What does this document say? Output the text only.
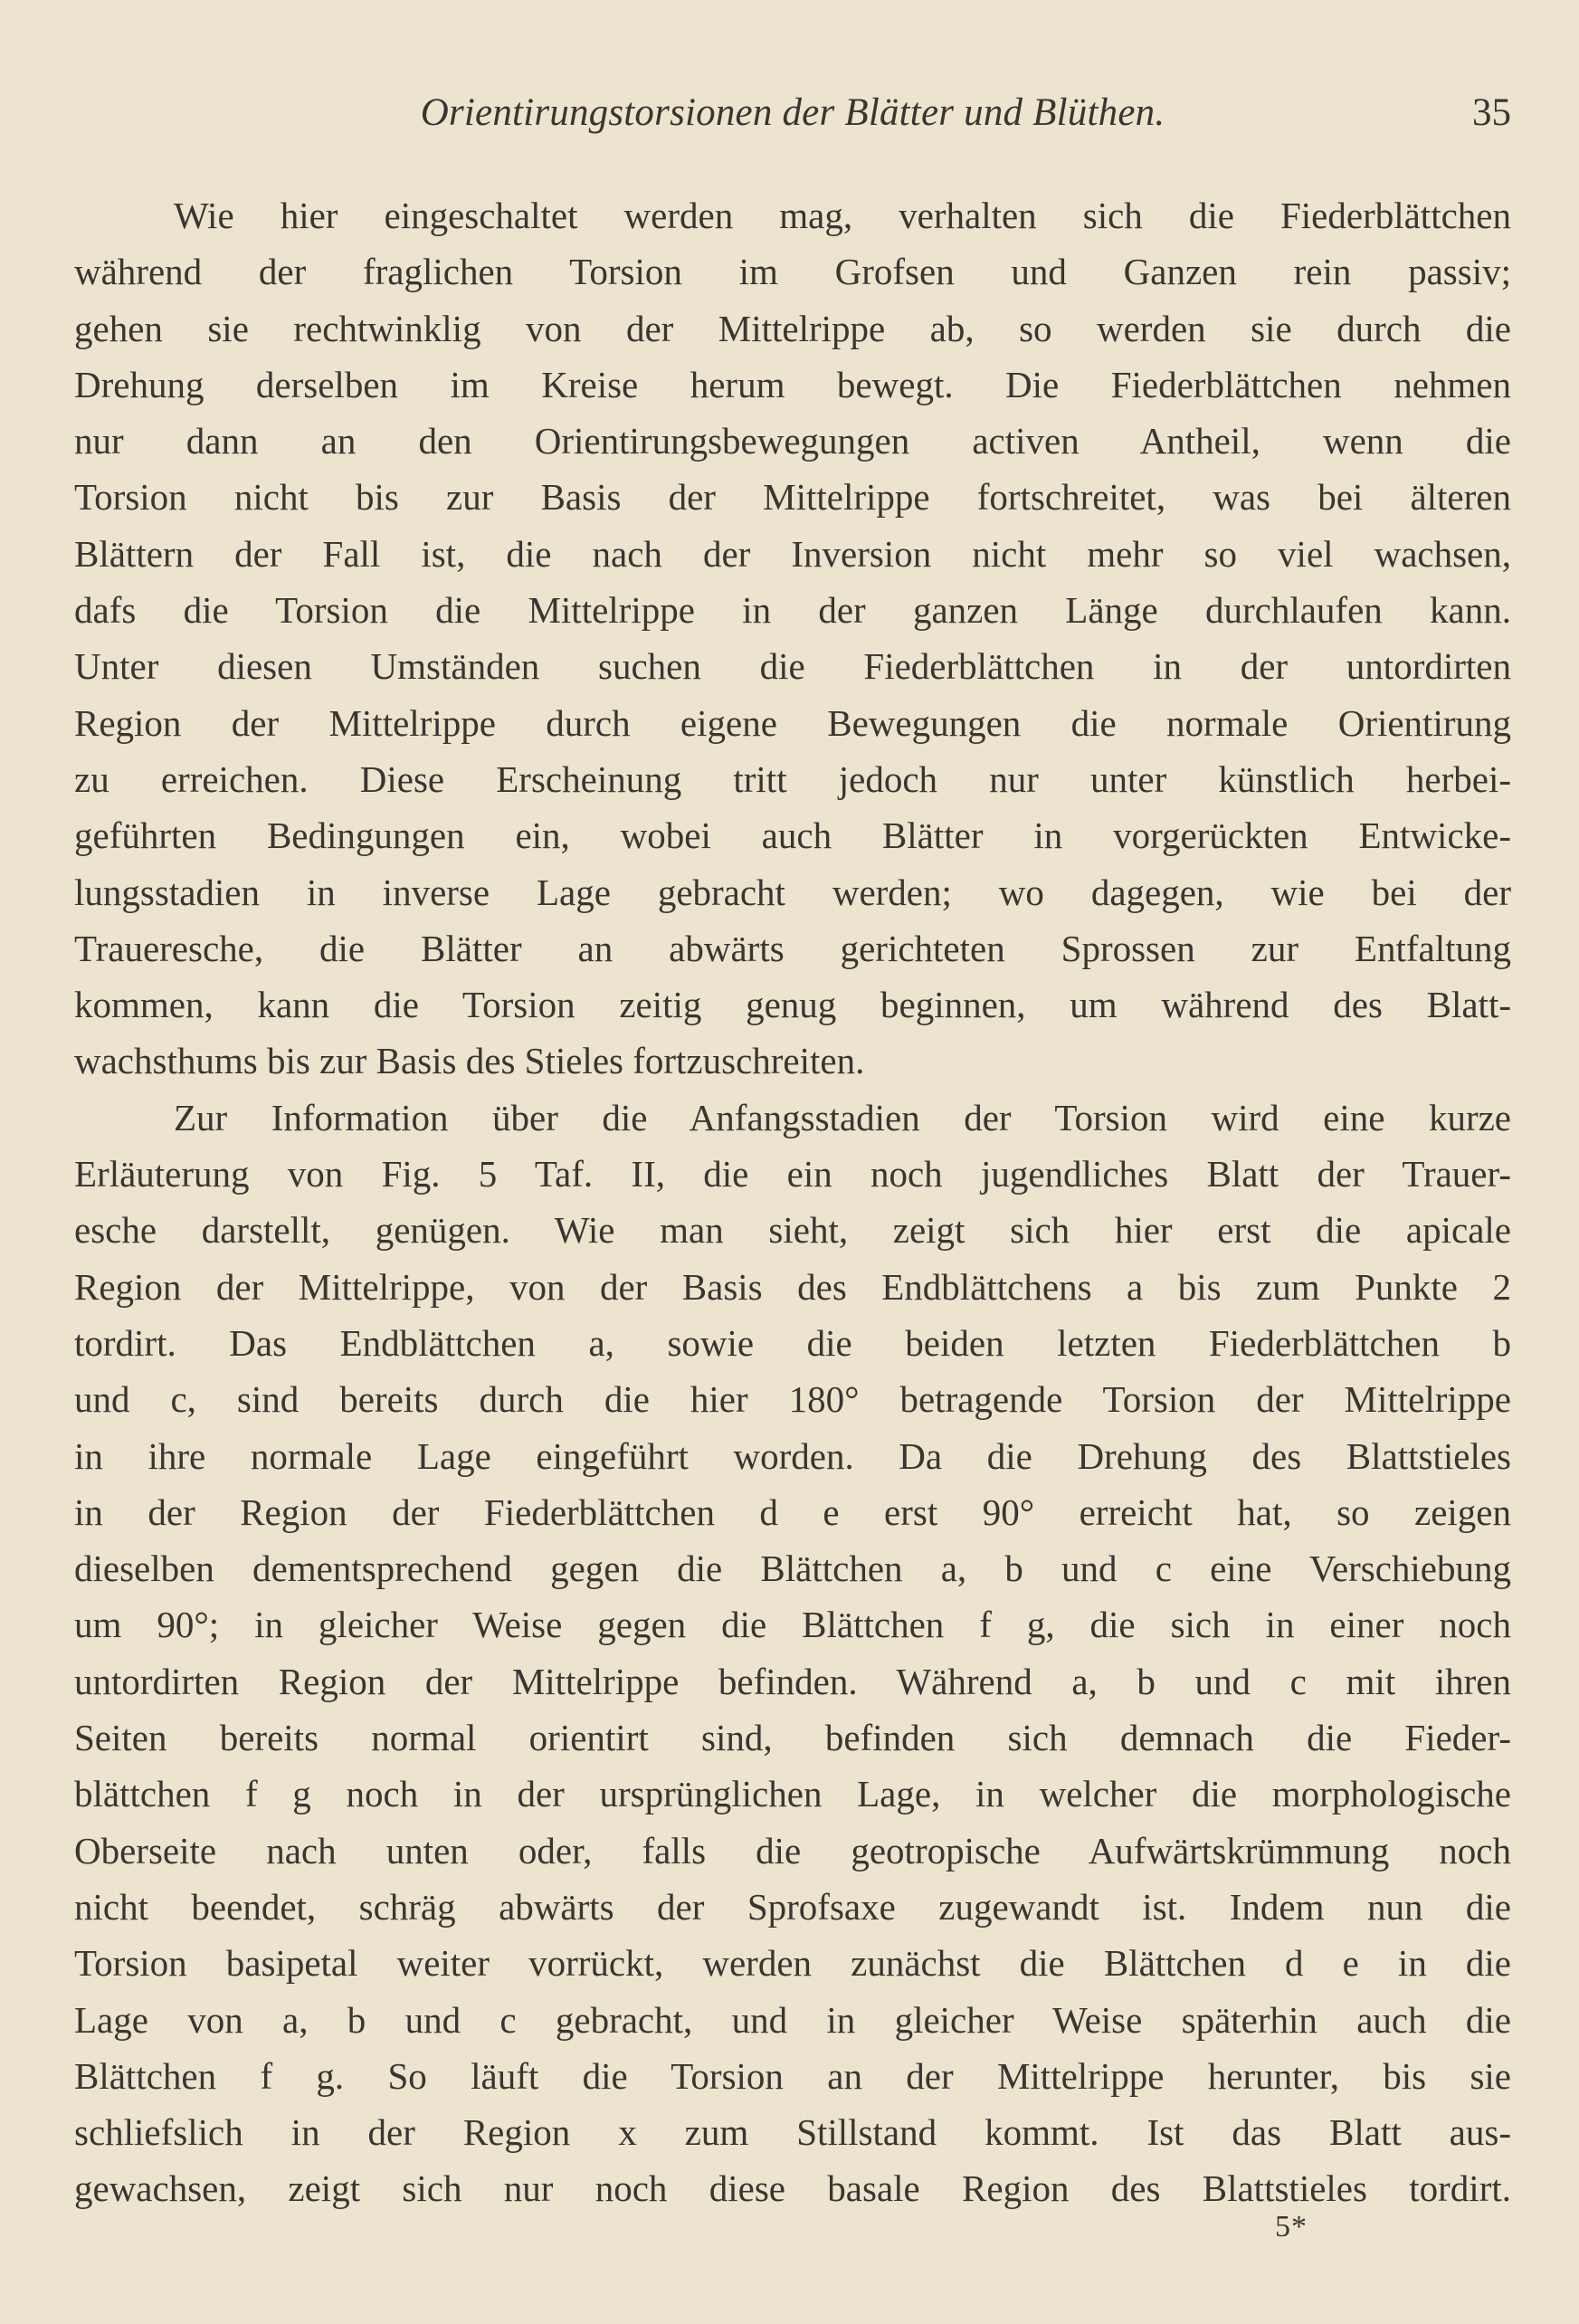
Orientirungstorsionen der Blätter und Blüthen.	35
Wie hier eingeschaltet werden mag, verhalten sich die Fiederblättchen
während der fraglichen Torsion im Grofsen und Ganzen rein passiv;
gehen sie rechtwinklig von der Mittelrippe ab, so werden sie durch die
Drehung derselben im Kreise herum bewegt. Die Fiederblättchen nehmen
nur dann an den Orientirungsbewegungen activen Antheil, wenn die
Torsion nicht bis zur Basis der Mittelrippe fortschreitet, was bei älteren
Blättern der Fall ist, die nach der Inversion nicht mehr so viel wachsen,
dafs die Torsion die Mittelrippe in der ganzen Länge durchlaufen kann.
Unter diesen Umständen suchen die Fiederblättchen in der untordirten
Region der Mittelrippe durch eigene Bewegungen die normale Orientirung
zu erreichen. Diese Erscheinung tritt jedoch nur unter künstlich herbei-
geführten Bedingungen ein, wobei auch Blätter in vorgerückten Entwicke-
lungsstadien in inverse Lage gebracht werden; wo dagegen, wie bei der
Traueresche, die Blätter an abwärts gerichteten Sprossen zur Entfaltung
kommen, kann die Torsion zeitig genug beginnen, um während des Blatt-
wachsthums bis zur Basis des Stieles fortzuschreiten.
Zur Information über die Anfangsstadien der Torsion wird eine kurze
Erläuterung von Fig. 5 Taf. II, die ein noch jugendliches Blatt der Trauer-
esche darstellt, genügen. Wie man sieht, zeigt sich hier erst die apicale
Region der Mittelrippe, von der Basis des Endblättchens a bis zum Punkte 2
tordirt. Das Endblättchen a, sowie die beiden letzten Fiederblättchen b
und c, sind bereits durch die hier 180° betragende Torsion der Mittelrippe
in ihre normale Lage eingeführt worden. Da die Drehung des Blattstieles
in der Region der Fiederblättchen d e erst 90° erreicht hat, so zeigen
dieselben dementsprechend gegen die Blättchen a, b und c eine Verschiebung
um 90°; in gleicher Weise gegen die Blättchen f g, die sich in einer noch
untordirten Region der Mittelrippe befinden. Während a, b und c mit ihren
Seiten bereits normal orientirt sind, befinden sich demnach die Fieder-
blättchen f g noch in der ursprünglichen Lage, in welcher die morphologische
Oberseite nach unten oder, falls die geotropische Aufwärtskrümmung noch
nicht beendet, schräg abwärts der Sprofsaxe zugewandt ist. Indem nun die
Torsion basipetal weiter vorrückt, werden zunächst die Blättchen d e in die
Lage von a, b und c gebracht, und in gleicher Weise späterhin auch die
Blättchen f g. So läuft die Torsion an der Mittelrippe herunter, bis sie
schliefslich in der Region x zum Stillstand kommt. Ist das Blatt aus-
gewachsen, zeigt sich nur noch diese basale Region des Blattstieles tordirt.
5*
